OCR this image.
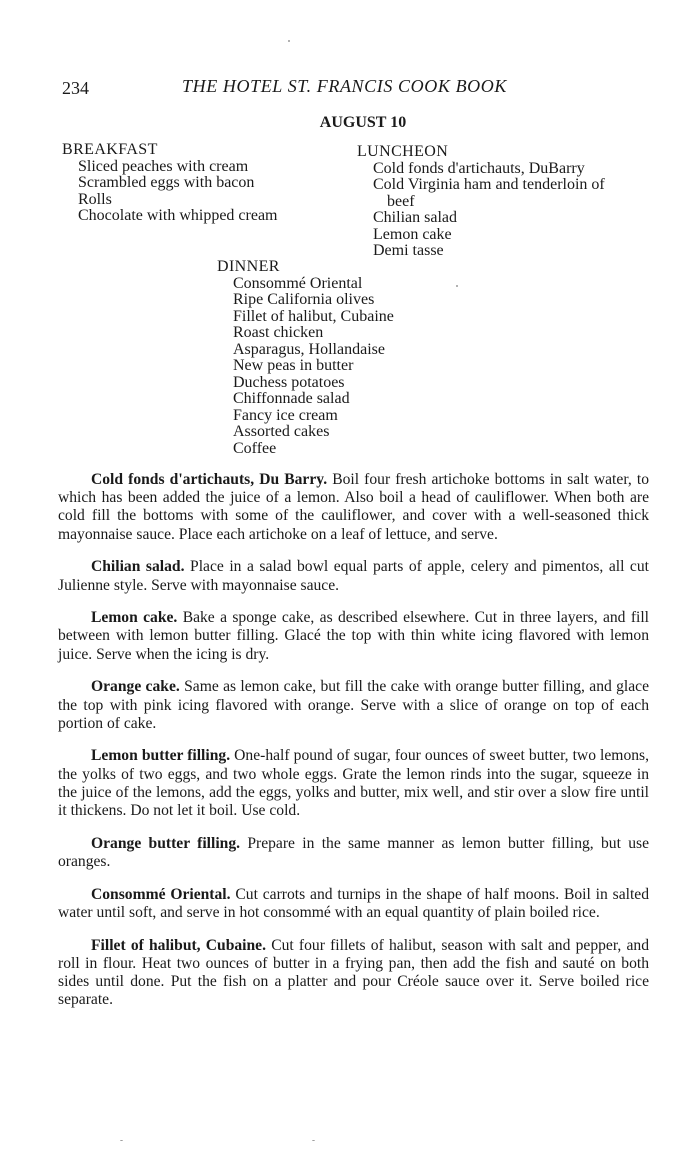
234	THE HOTEL ST. FRANCIS COOK BOOK
AUGUST 10
BREAKFAST
Sliced peaches with cream
Scrambled eggs with bacon
Rolls
Chocolate with whipped cream
LUNCHEON
Cold fonds d'artichauts, DuBarry
Cold Virginia ham and tenderloin of
beef
Chilian salad
Lemon cake
Demi tasse
DINNER
Consommé Oriental
Ripe California olives
Fillet of halibut, Cubaine
Roast chicken
Asparagus, Hollandaise
New peas in butter
Duchess potatoes
Chiffonnade salad
Fancy ice cream
Assorted cakes
Coffee

Cold fonds d'artichauts, Du Barry. Boil four fresh artichoke bottoms in salt water, to which has been added the juice of a lemon. Also boil a head of cauliflower. When both are cold fill the bottoms with some of the cauliflower, and cover with a well-seasoned thick mayonnaise sauce. Place each artichoke on a leaf of lettuce, and serve.

Chilian salad. Place in a salad bowl equal parts of apple, celery and pimentos, all cut Julienne style. Serve with mayonnaise sauce.

Lemon cake. Bake a sponge cake, as described elsewhere. Cut in three layers, and fill between with lemon butter filling. Glacé the top with thin white icing flavored with lemon juice. Serve when the icing is dry.

Orange cake. Same as lemon cake, but fill the cake with orange butter filling, and glace the top with pink icing flavored with orange. Serve with a slice of orange on top of each portion of cake.

Lemon butter filling. One-half pound of sugar, four ounces of sweet butter, two lemons, the yolks of two eggs, and two whole eggs. Grate the lemon rinds into the sugar, squeeze in the juice of the lemons, add the eggs, yolks and butter, mix well, and stir over a slow fire until it thickens. Do not let it boil. Use cold.

Orange butter filling. Prepare in the same manner as lemon butter filling, but use oranges.

Consommé Oriental. Cut carrots and turnips in the shape of half moons. Boil in salted water until soft, and serve in hot consommé with an equal quantity of plain boiled rice.

Fillet of halibut, Cubaine. Cut four fillets of halibut, season with salt and pepper, and roll in flour. Heat two ounces of butter in a frying pan, then add the fish and sauté on both sides until done. Put the fish on a platter and pour Créole sauce over it. Serve boiled rice separate.
